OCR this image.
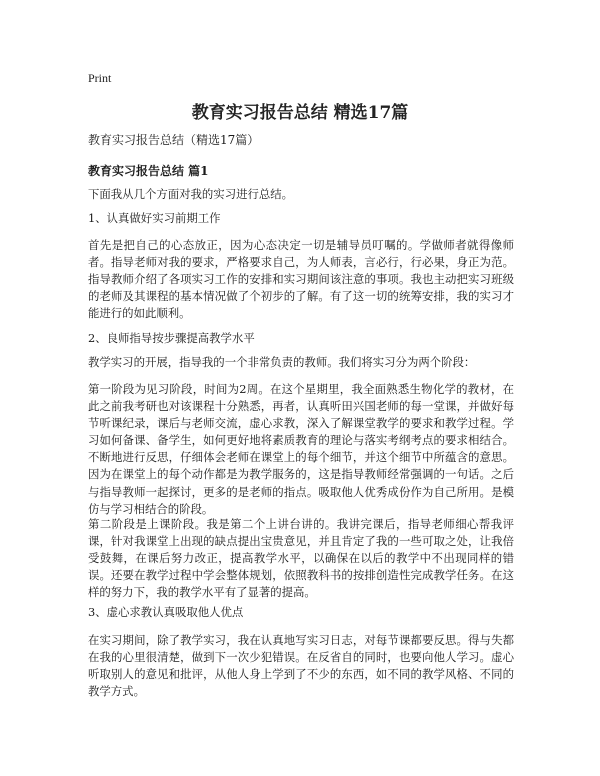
Print
教育实习报告总结 精选17篇
教育实习报告总结（精选17篇）
教育实习报告总结 篇1
下面我从几个方面对我的实习进行总结。
1、认真做好实习前期工作
首先是把自己的心态放正，因为心态决定一切是辅导员叮嘱的。学做师者就得像师者。指导老师对我的要求，严格要求自己，为人师表，言必行，行必果，身正为范。指导教师介绍了各项实习工作的安排和实习期间该注意的事项。我也主动把实习班级的老师及其课程的基本情况做了个初步的了解。有了这一切的统筹安排，我的实习才能进行的如此顺利。
2、良师指导按步骤提高教学水平
教学实习的开展，指导我的一个非常负责的教师。我们将实习分为两个阶段：
第一阶段为见习阶段，时间为2周。在这个星期里，我全面熟悉生物化学的教材，在此之前我考研也对该课程十分熟悉，再者，认真听田兴国老师的每一堂课，并做好每节听课纪录，课后与老师交流，虚心求教，深入了解课堂教学的要求和教学过程。学习如何备课、备学生，如何更好地将素质教育的理论与落实考纲考点的要求相结合。不断地进行反思，仔细体会老师在课堂上的每个细节，并这个细节中所蕴含的意思。因为在课堂上的每个动作都是为教学服务的，这是指导教师经常强调的一句话。之后与指导教师一起探讨，更多的是老师的指点。吸取他人优秀成份作为自己所用。是模仿与学习相结合的阶段。
第二阶段是上课阶段。我是第二个上讲台讲的。我讲完课后，指导老师细心帮我评课，针对我课堂上出现的缺点提出宝贵意见，并且肯定了我的一些可取之处，让我倍受鼓舞，在课后努力改正，提高教学水平，以确保在以后的教学中不出现同样的错误。还要在教学过程中学会整体规划，依照教科书的按排创造性完成教学任务。在这样的努力下，我的教学水平有了显著的提高。
3、虚心求教认真吸取他人优点
在实习期间，除了教学实习，我在认真地写实习日志，对每节课都要反思。得与失都在我的心里很清楚，做到下一次少犯错误。在反省自的同时，也要向他人学习。虚心听取别人的意见和批评，从他人身上学到了不少的东西，如不同的教学风格、不同的教学方式。
